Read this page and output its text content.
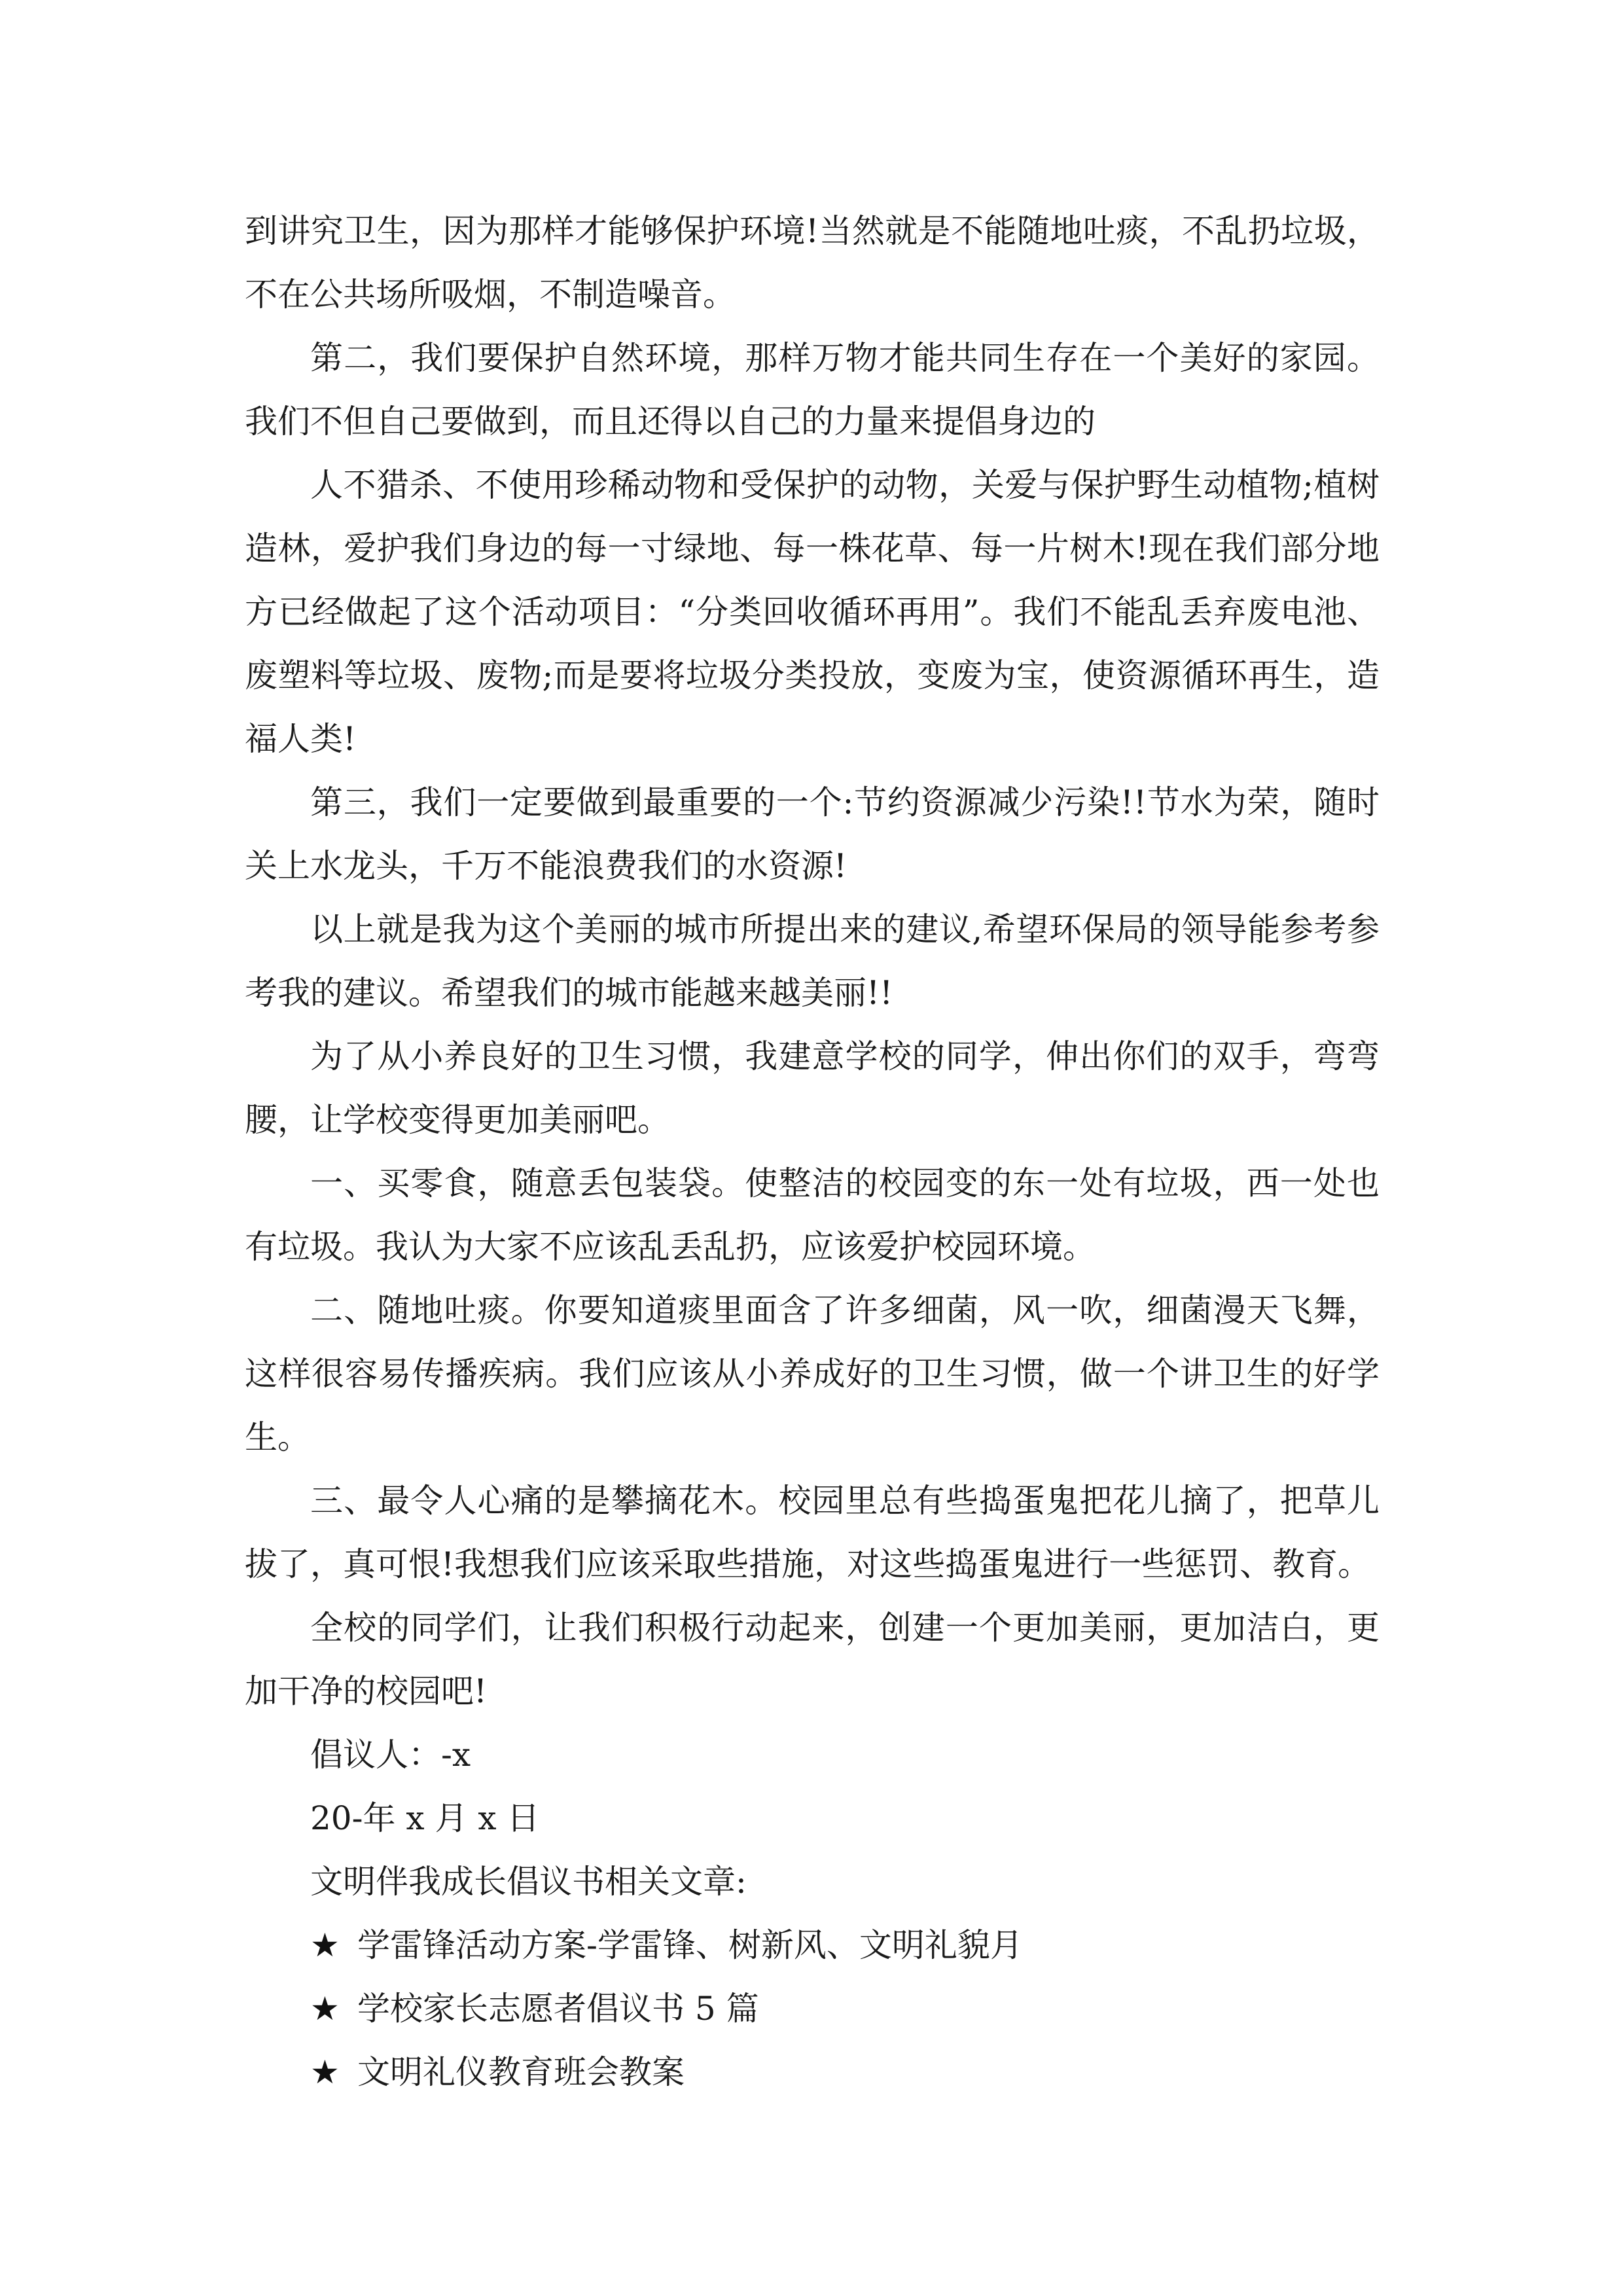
到讲究卫生，因为那样才能够保护环境!当然就是不能随地吐痰，不乱扔垃圾，不在公共场所吸烟，不制造噪音。

第二，我们要保护自然环境，那样万物才能共同生存在一个美好的家园。我们不但自己要做到，而且还得以自己的力量来提倡身边的

人不猎杀、不使用珍稀动物和受保护的动物，关爱与保护野生动植物;植树造林，爱护我们身边的每一寸绿地、每一株花草、每一片树木!现在我们部分地方已经做起了这个活动项目：“分类回收循环再用”。我们不能乱丢弃废电池、废塑料等垃圾、废物;而是要将垃圾分类投放，变废为宝，使资源循环再生，造福人类!

第三，我们一定要做到最重要的一个:节约资源减少污染!!节水为荣，随时关上水龙头，千万不能浪费我们的水资源!

以上就是我为这个美丽的城市所提出来的建议,希望环保局的领导能参考参考我的建议。希望我们的城市能越来越美丽!!

为了从小养良好的卫生习惯，我建意学校的同学，伸出你们的双手，弯弯腰，让学校变得更加美丽吧。

一、买零食，随意丢包装袋。使整洁的校园变的东一处有垃圾，西一处也有垃圾。我认为大家不应该乱丢乱扔，应该爱护校园环境。

二、随地吐痰。你要知道痰里面含了许多细菌，风一吹，细菌漫天飞舞，这样很容易传播疾病。我们应该从小养成好的卫生习惯，做一个讲卫生的好学生。

三、最令人心痛的是攀摘花木。校园里总有些捣蛋鬼把花儿摘了，把草儿拔了，真可恨!我想我们应该采取些措施，对这些捣蛋鬼进行一些惩罚、教育。

全校的同学们，让我们积极行动起来，创建一个更加美丽，更加洁白，更加干净的校园吧!

倡议人：-x
20-年 x 月 x 日
文明伴我成长倡议书相关文章:
★ 学雷锋活动方案-学雷锋、树新风、文明礼貌月
★ 学校家长志愿者倡议书 5 篇
★ 文明礼仪教育班会教案
